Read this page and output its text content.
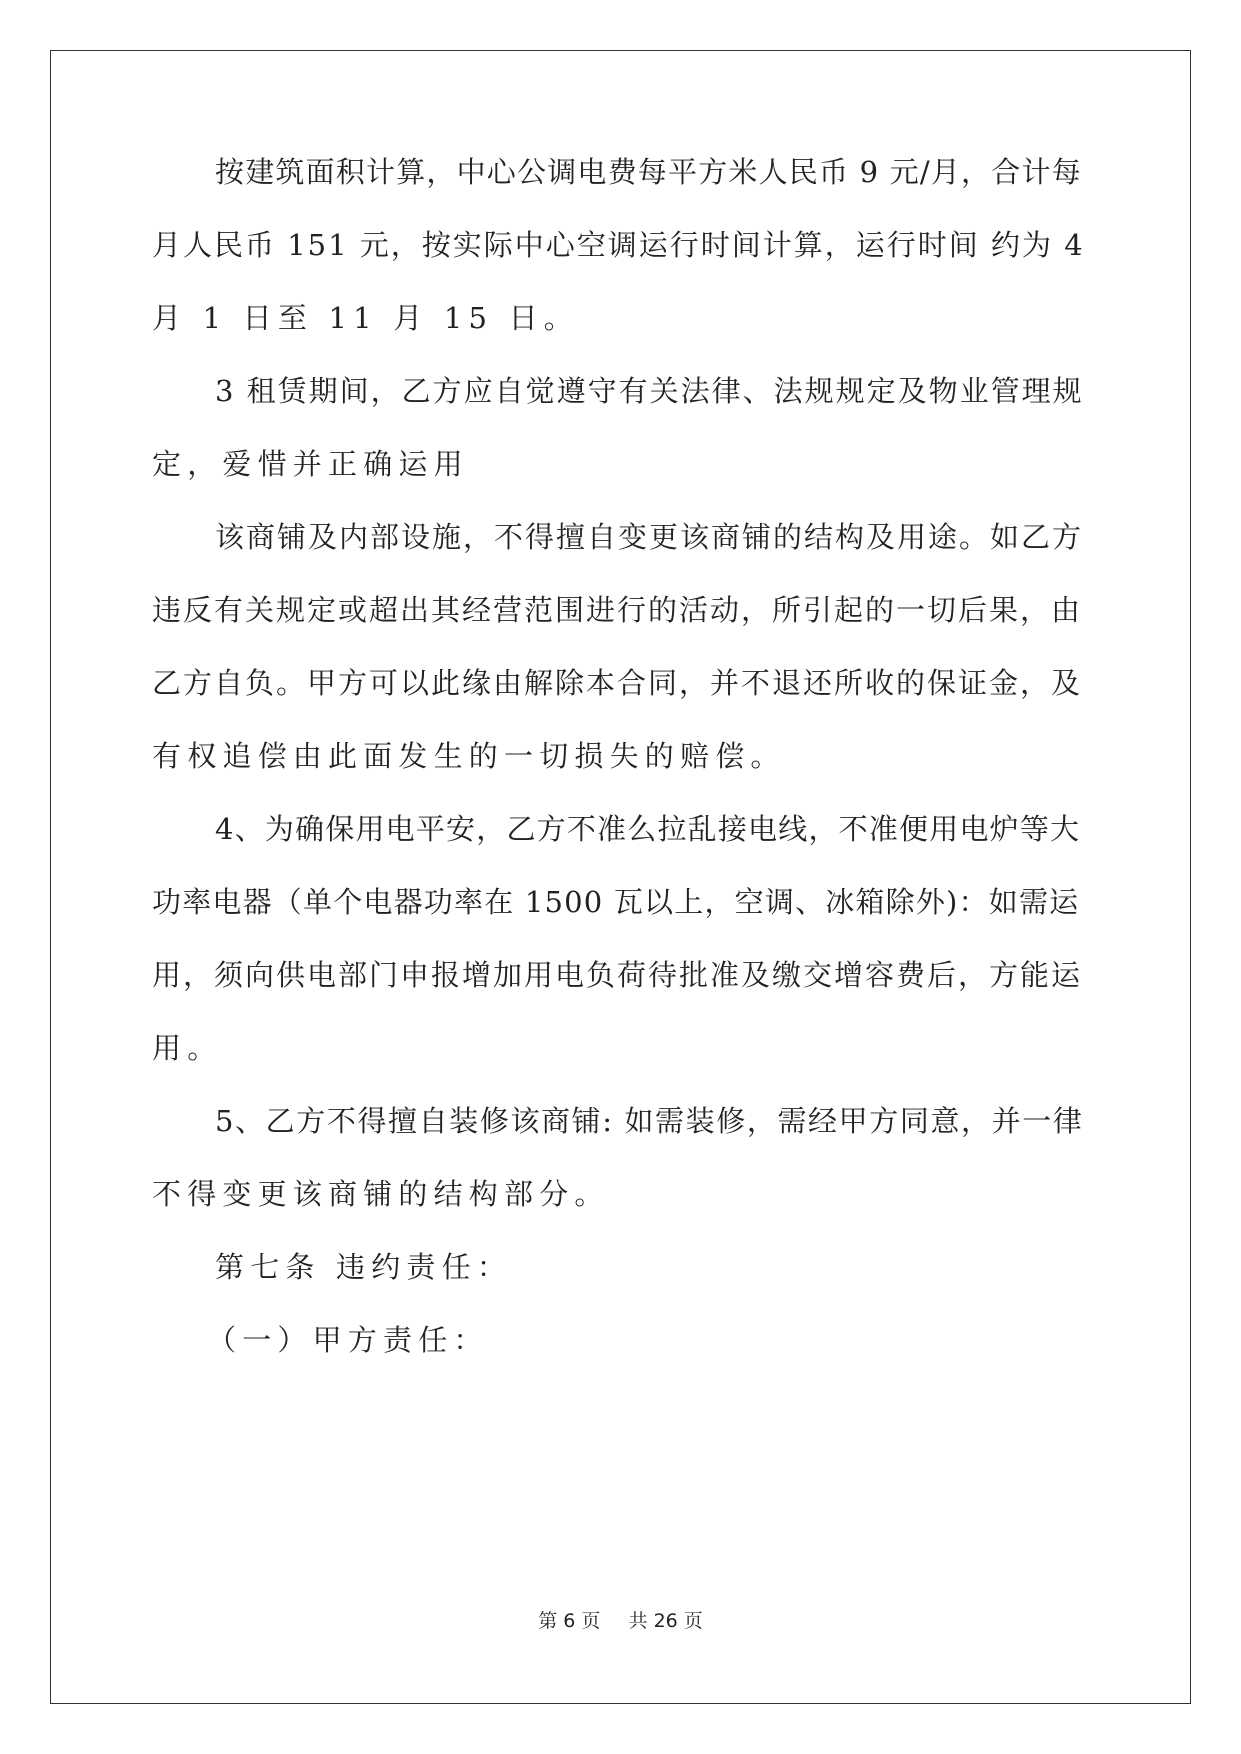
按建筑面积计算，中心公调电费每平方米人民币 9 元/月，合计每
月人民币 151 元，按实际中心空调运行时间计算，运行时间 约为 4
月 1 日至 11 月 15 日。
3 租赁期间，乙方应自觉遵守有关法律、法规规定及物业管理规
定，爱惜并正确运用
该商铺及内部设施，不得擅自变更该商铺的结构及用途。如乙方
违反有关规定或超出其经营范围进行的活动，所引起的一切后果，由
乙方自负。甲方可以此缘由解除本合同，并不退还所收的保证金，及
有权追偿由此面发生的一切损失的赔偿。
4、为确保用电平安，乙方不准么拉乱接电线，不准便用电炉等大
功率电器（单个电器功率在 1500 瓦以上，空调、冰箱除外)：如需运
用，须向供电部门申报增加用电负荷待批准及缴交增容费后，方能运
用。
5、乙方不得擅自装修该商铺: 如需装修，需经甲方同意，并一律
不得变更该商铺的结构部分。
第七条 违约责任：
（一）甲方责任：
第 6 页 共 26 页
